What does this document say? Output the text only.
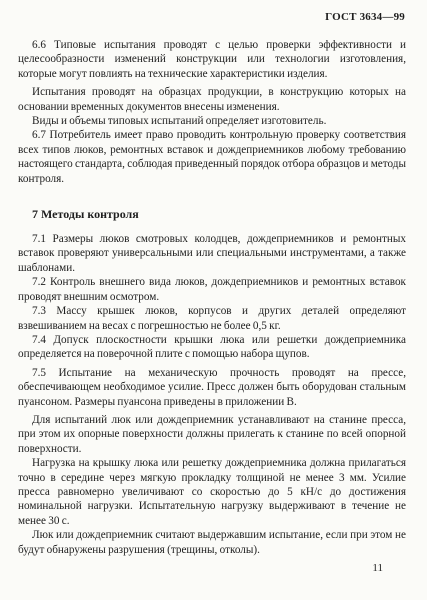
ГОСТ 3634—99

6.6 Типовые испытания проводят с целью проверки эффективности и целесообразности изменений конструкции или технологии изготовления, которые могут повлиять на технические характеристики изделия.

Испытания проводят на образцах продукции, в конструкцию которых на основании временных документов внесены изменения.

Виды и объемы типовых испытаний определяет изготовитель.

6.7 Потребитель имеет право проводить контрольную проверку соответствия всех типов люков, ремонтных вставок и дождеприемников любому требованию настоящего стандарта, соблюдая приведенный порядок отбора образцов и методы контроля.

7 Методы контроля

7.1 Размеры люков смотровых колодцев, дождеприемников и ремонтных вставок проверяют универсальными или специальными инструментами, а также шаблонами.

7.2 Контроль внешнего вида люков, дождеприемников и ремонтных вставок проводят внешним осмотром.

7.3 Массу крышек люков, корпусов и других деталей определяют взвешиванием на весах с погрешностью не более 0,5 кг.

7.4 Допуск плоскостности крышки люка или решетки дождеприемника определяется на поверочной плите с помощью набора щупов.

7.5 Испытание на механическую прочность проводят на прессе, обеспечивающем необходимое усилие. Пресс должен быть оборудован стальным пуансоном. Размеры пуансона приведены в приложении В.

Для испытаний люк или дождеприемник устанавливают на станине пресса, при этом их опорные поверхности должны прилегать к станине по всей опорной поверхности.

Нагрузка на крышку люка или решетку дождеприемника должна прилагаться точно в середине через мягкую прокладку толщиной не менее 3 мм. Усилие пресса равномерно увеличивают со скоростью до 5 кН/с до достижения номинальной нагрузки. Испытательную нагрузку выдерживают в течение не менее 30 с.

Люк или дождеприемник считают выдержавшим испытание, если при этом не будут обнаружены разрушения (трещины, отколы).

11
